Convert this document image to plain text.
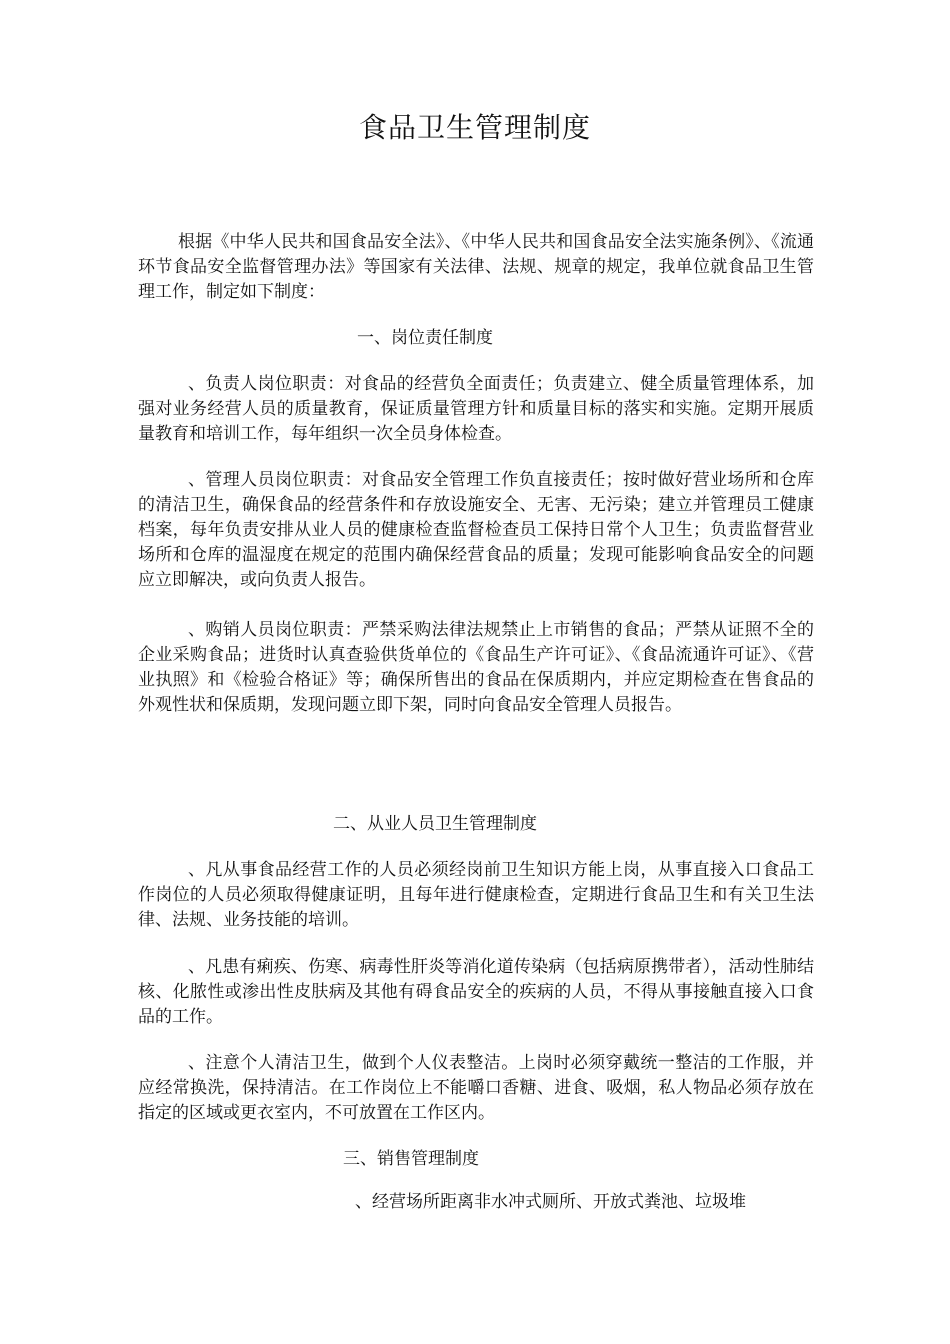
食品卫生管理制度

根据《中华人民共和国食品安全法》、《中华人民共和国食品安全法实施条例》、《流通环节食品安全监督管理办法》等国家有关法律、法规、规章的规定，我单位就食品卫生管理工作，制定如下制度：

一、岗位责任制度

、负责人岗位职责：对食品的经营负全面责任；负责建立、健全质量管理体系，加强对业务经营人员的质量教育，保证质量管理方针和质量目标的落实和实施。定期开展质量教育和培训工作，每年组织一次全员身体检查。

、管理人员岗位职责：对食品安全管理工作负直接责任；按时做好营业场所和仓库的清洁卫生，确保食品的经营条件和存放设施安全、无害、无污染；建立并管理员工健康档案，每年负责安排从业人员的健康检查监督检查员工保持日常个人卫生；负责监督营业场所和仓库的温湿度在规定的范围内确保经营食品的质量；发现可能影响食品安全的问题应立即解决，或向负责人报告。

、购销人员岗位职责：严禁采购法律法规禁止上市销售的食品；严禁从证照不全的企业采购食品；进货时认真查验供货单位的《食品生产许可证》、《食品流通许可证》、《营业执照》和《检验合格证》等；确保所售出的食品在保质期内，并应定期检查在售食品的外观性状和保质期，发现问题立即下架，同时向食品安全管理人员报告。

二、从业人员卫生管理制度

、凡从事食品经营工作的人员必须经岗前卫生知识方能上岗，从事直接入口食品工作岗位的人员必须取得健康证明，且每年进行健康检查，定期进行食品卫生和有关卫生法律、法规、业务技能的培训。

、凡患有痢疾、伤寒、病毒性肝炎等消化道传染病（包括病原携带者），活动性肺结核、化脓性或渗出性皮肤病及其他有碍食品安全的疾病的人员，不得从事接触直接入口食品的工作。

、注意个人清洁卫生，做到个人仪表整洁。上岗时必须穿戴统一整洁的工作服，并应经常换洗，保持清洁。在工作岗位上不能嚼口香糖、进食、吸烟，私人物品必须存放在指定的区域或更衣室内，不可放置在工作区内。

三、销售管理制度
、经营场所距离非水冲式厕所、开放式粪池、垃圾堆
